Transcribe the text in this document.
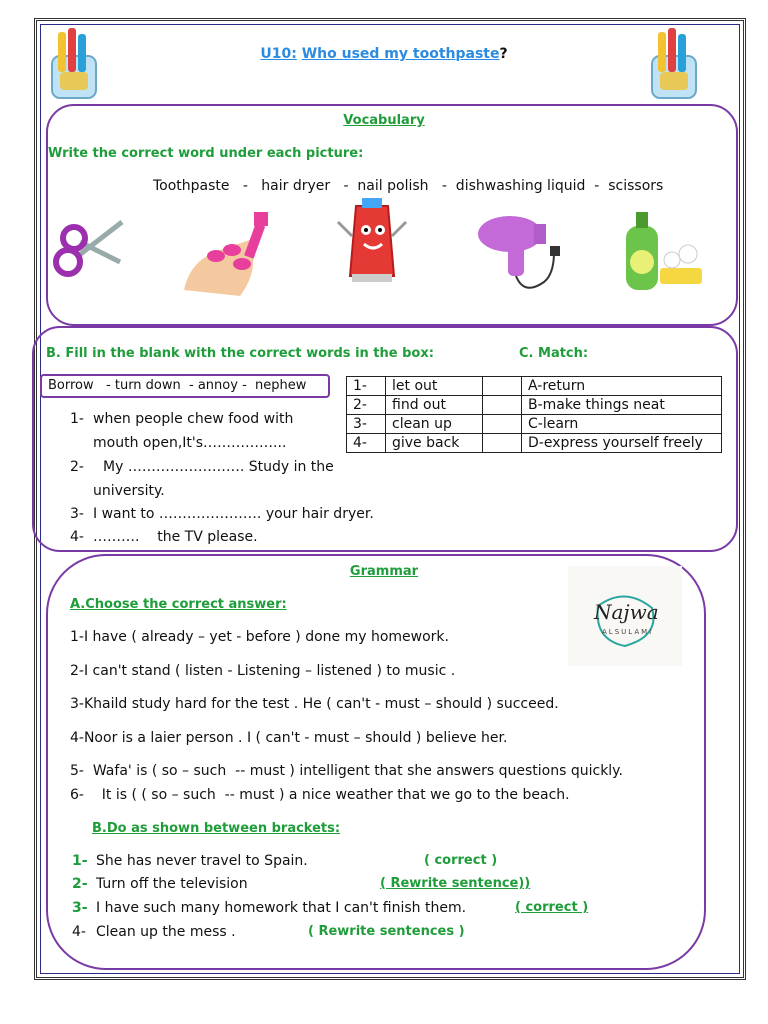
U10: Who used my toothpaste?
Vocabulary
Write the correct word under each picture:
Toothpaste   -   hair dryer   -  nail polish   -  dishwashing liquid  -  scissors
B. Fill in the blank with the correct words in the box:	C. Match:
Borrow   - turn down  - annoy -  nephew
1- when people chew food with
mouth open,It's……………...
2- My ……………………. Study in the
university.
3- I want to …………………. your hair dryer.
4- ……….    the TV please.
1-	let out		A-return
2-	find out		B-make things neat
3-	clean up		C-learn
4-	give back		D-express yourself freely
Grammar
Najwa
ALSULAMI
A.Choose the correct answer:
1-I have ( already – yet - before ) done my homework.
2-I can't stand ( listen - Listening – listened ) to music .
3-Khaild study hard for the test . He ( can't - must – should ) succeed.
4-Noor is a laier person . I ( can't - must – should ) believe her.
5-  Wafa' is ( so – such  -- must ) intelligent that she answers questions quickly.
6-    It is ( ( so – such  -- must ) a nice weather that we go to the beach.
B.Do as shown between brackets:
1- She has never travel to Spain.	( correct )
2- Turn off the television	( Rewrite sentence))
3- I have such many homework that I can't finish them.	( correct )
4- Clean up the mess .	( Rewrite sentences )
